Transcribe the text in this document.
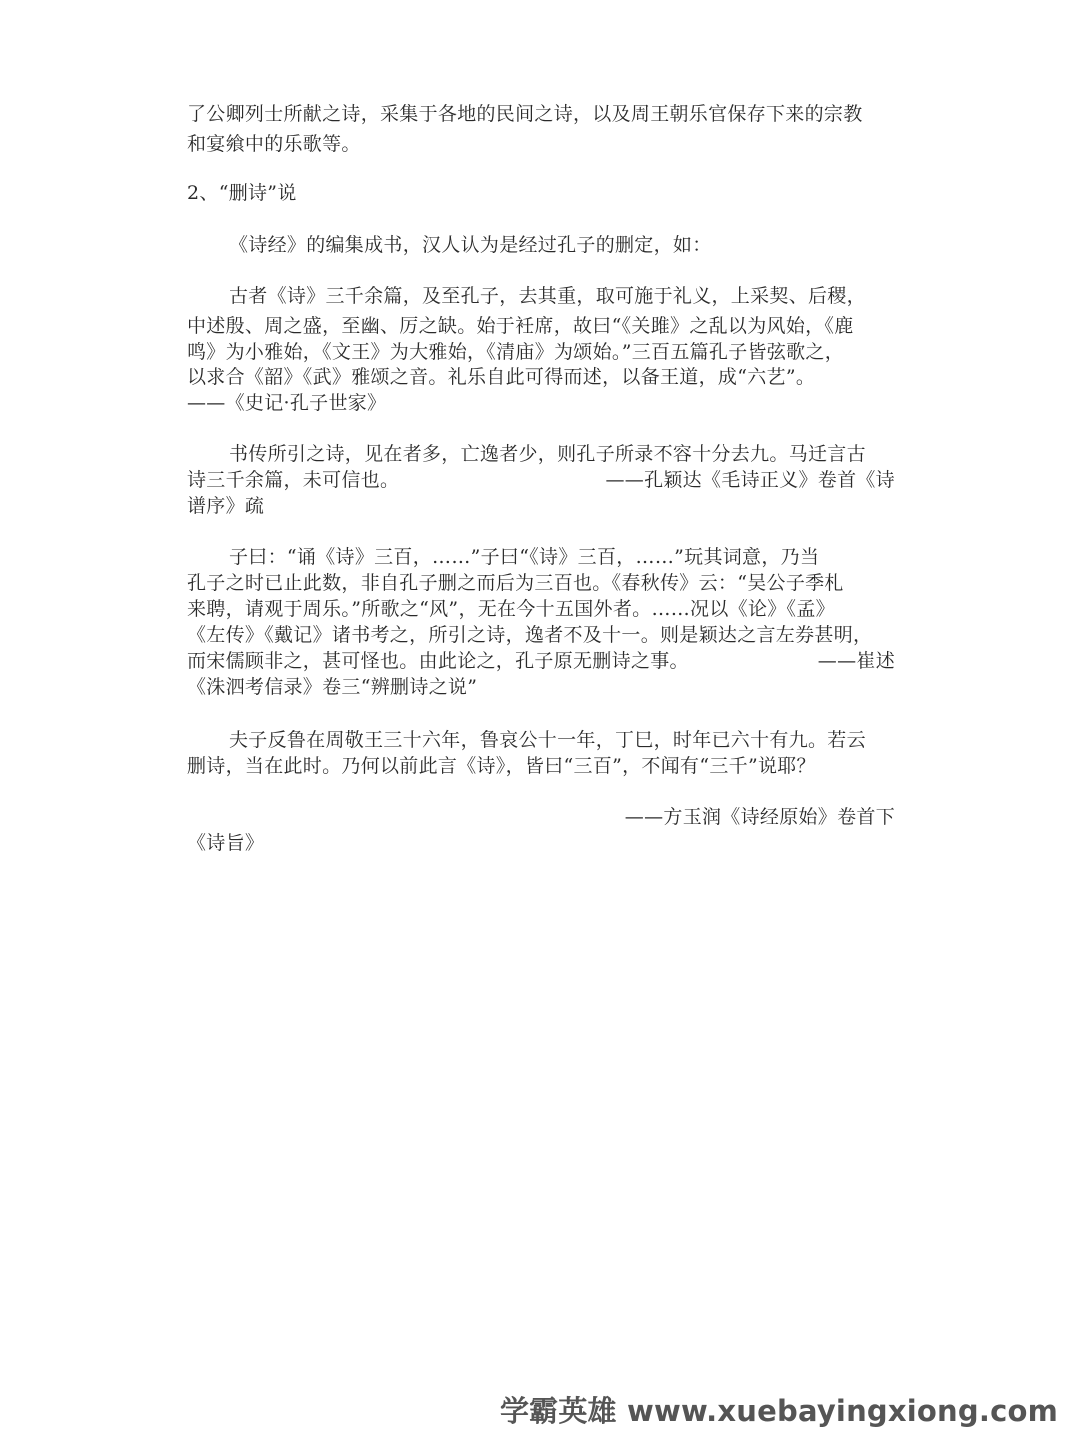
了公卿列士所献之诗，采集于各地的民间之诗，以及周王朝乐官保存下来的宗教
和宴飨中的乐歌等。
2、“删诗”说
《诗经》的编集成书，汉人认为是经过孔子的删定，如：
古者《诗》三千余篇，及至孔子，去其重，取可施于礼义，上采契、后稷，
中述殷、周之盛，至幽、厉之缺。始于衽席，故曰“《关雎》之乱以为风始，《鹿
鸣》为小雅始，《文王》为大雅始，《清庙》为颂始。”三百五篇孔子皆弦歌之，
以求合《韶》《武》雅颂之音。礼乐自此可得而述，以备王道，成“六艺”。
——《史记·孔子世家》
书传所引之诗，见在者多，亡逸者少，则孔子所录不容十分去九。马迁言古
诗三千余篇，未可信也。	——孔颖达《毛诗正义》卷首《诗
谱序》疏
子曰：“诵《诗》三百，……”子曰“《诗》三百，……”玩其词意，乃当
孔子之时已止此数，非自孔子删之而后为三百也。《春秋传》云：“吴公子季札
来聘，请观于周乐。”所歌之“风”，无在今十五国外者。……况以《论》《孟》
《左传》《戴记》诸书考之，所引之诗，逸者不及十一。则是颖达之言左券甚明，
而宋儒顾非之，甚可怪也。由此论之，孔子原无删诗之事。	——崔述
《洙泗考信录》卷三“辨删诗之说”
夫子反鲁在周敬王三十六年，鲁哀公十一年，丁巳，时年已六十有九。若云
删诗，当在此时。乃何以前此言《诗》，皆曰“三百”，不闻有“三千”说耶？
——方玉润《诗经原始》卷首下
《诗旨》
学霸英雄 www.xuebayingxiong.com
